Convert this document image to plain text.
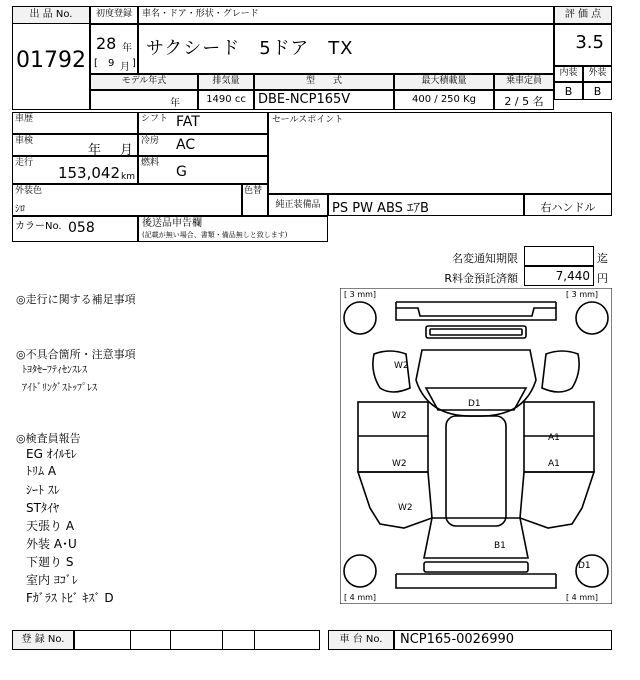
出 品 No.
01792
初度登録	車名・ドア・形状・グレード
28 年
[ 9 月 ]
サクシード　5ドア　TX
評 価 点
3.5
内装	外装
B	B
モデル年式	排気量	型　　式	最大積載量	乗車定員
年	1490 cc DBE-NCP165V	400 / 250 Kg	2 / 5 名
車歴	シフト FAT	セールスポイント
車検
年 月
冷房 AC
走行
153,042 km
燃料
G
外装色
ｼﾛ
色替
純正装備品 PS PW ABS ｴｱB	右ハンドル
カラーNo. 058	後送品申告欄
(記載が無い場合、書類・備品無しと致します)
名変通知期限	迄
R料金預託済額	7,440 円
◎走行に関する補足事項
◎不具合箇所・注意事項
ﾄﾖﾀｾｰﾌﾃｨｾﾝｽﾚｽ
ｱｲﾄﾞﾘﾝｸﾞｽﾄｯﾌﾟﾚｽ
◎検査員報告
EG ｵｲﾙﾓﾚ
ﾄﾘﾑ A
ｼｰﾄ ｽﾚ
STﾀｲﾔ
天張り A
外装 A･U
下廻り S
室内 ﾖｺﾞﾚ
Fｶﾞﾗｽ ﾄﾋﾞ ｷｽﾞ D
[ 3 mm]	[ 3 mm]
[ 4 mm]	[ 4 mm]
W2
D1
W2
A1
W2	A1
W2
B1
D1
登 録 No.	車 台 No.	NCP165-0026990
